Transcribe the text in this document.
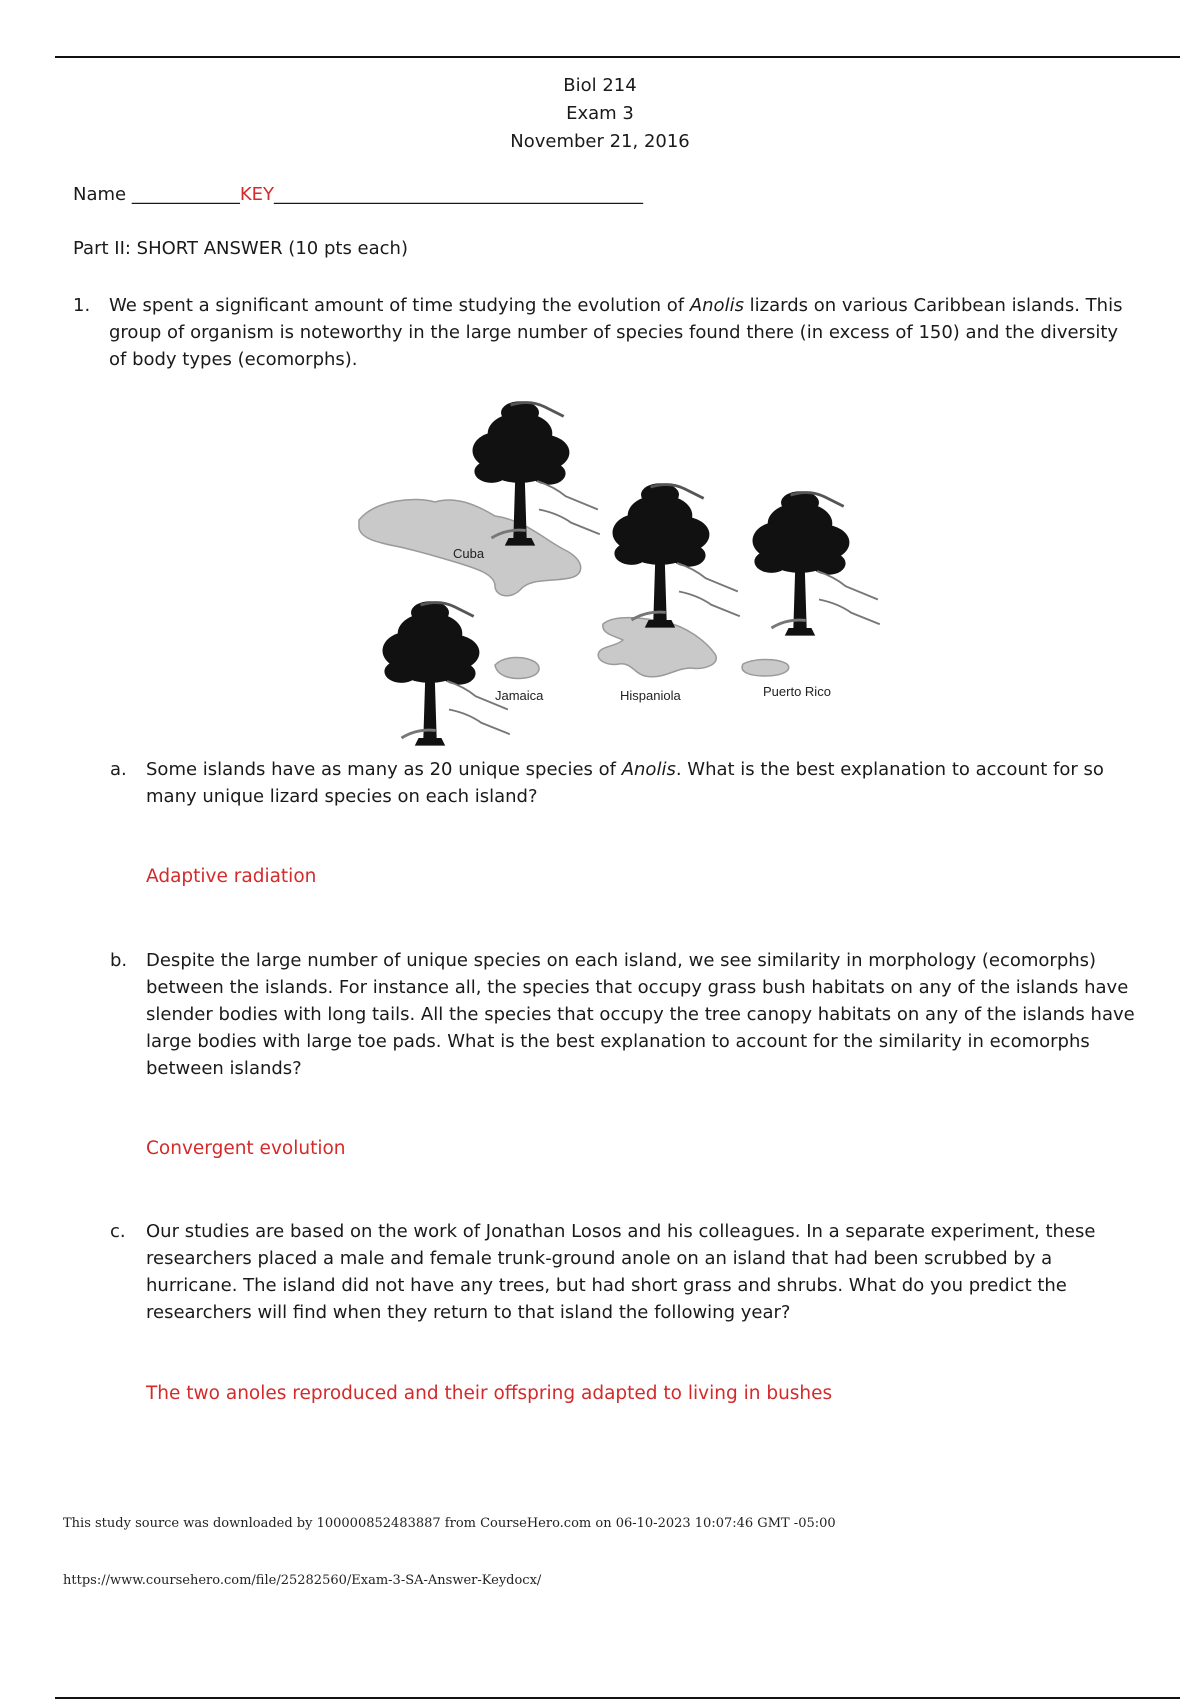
Biol 214
Exam 3
November 21, 2016
Name ____________KEY_________________________________________
Part II: SHORT ANSWER (10 pts each)
1. We spent a significant amount of time studying the evolution of Anolis lizards on various Caribbean islands. This group of organism is noteworthy in the large number of species found there (in excess of 150) and the diversity of body types (ecomorphs).
Cuba
Jamaica	Hispaniola	Puerto Rico
a. Some islands have as many as 20 unique species of Anolis. What is the best explanation to account for so many unique lizard species on each island?
Adaptive radiation
b. Despite the large number of unique species on each island, we see similarity in morphology (ecomorphs) between the islands. For instance all, the species that occupy grass bush habitats on any of the islands have slender bodies with long tails. All the species that occupy the tree canopy habitats on any of the islands have large bodies with large toe pads. What is the best explanation to account for the similarity in ecomorphs between islands?
Convergent evolution
c. Our studies are based on the work of Jonathan Losos and his colleagues. In a separate experiment, these researchers placed a male and female trunk-ground anole on an island that had been scrubbed by a hurricane. The island did not have any trees, but had short grass and shrubs. What do you predict the researchers will find when they return to that island the following year?
The two anoles reproduced and their offspring adapted to living in bushes
This study source was downloaded by 100000852483887 from CourseHero.com on 06-10-2023 10:07:46 GMT -05:00
https://www.coursehero.com/file/25282560/Exam-3-SA-Answer-Keydocx/
